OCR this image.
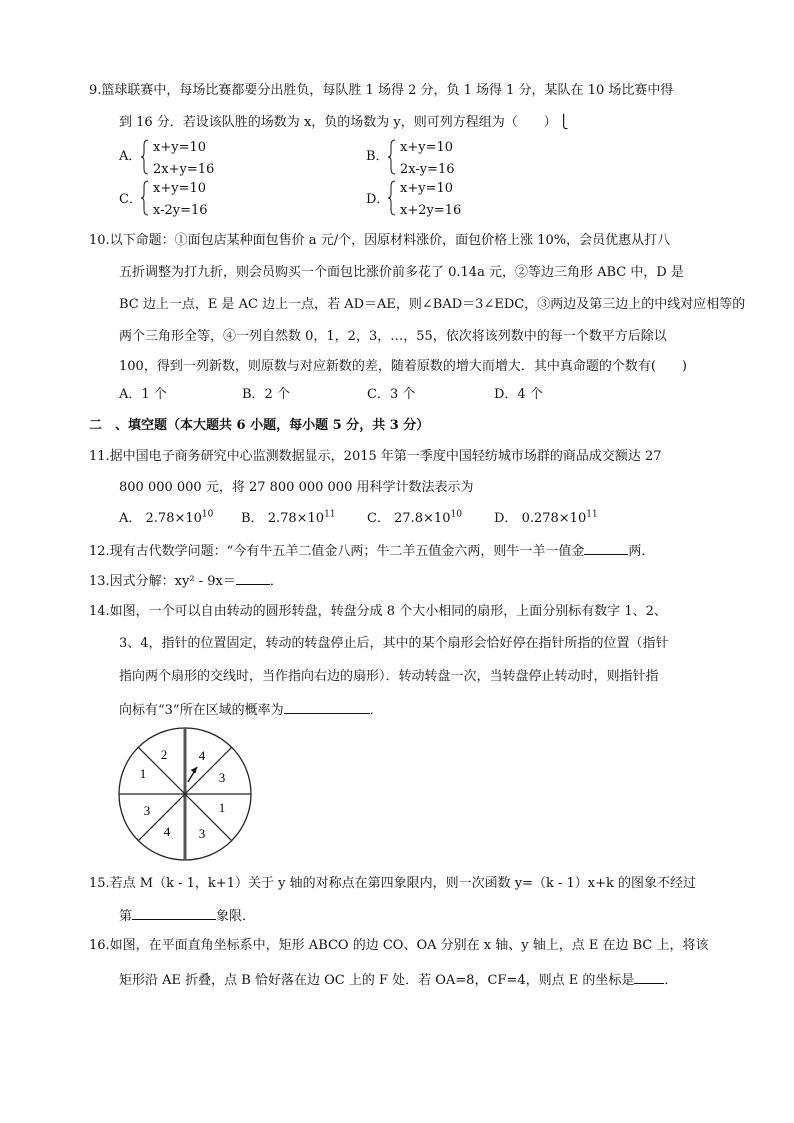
9.篮球联赛中，每场比赛都要分出胜负，每队胜 1 场得 2 分，负 1 场得 1 分，某队在 10 场比赛中得
到 16 分．若设该队胜的场数为 x，负的场数为 y，则可列方程组为（　　） ⎩
A．
x+y=10
2x+y=16
B．
x+y=10
2x-y=16
C．
x+y=10
x-2y=16
D．
x+y=10
x+2y=16
10.以下命题：①面包店某种面包售价 a 元/个，因原材料涨价，面包价格上涨 10%，会员优惠从打八
五折调整为打九折，则会员购买一个面包比涨价前多花了 0.14a 元，②等边三角形 ABC 中，D 是
BC 边上一点，E 是 AC 边上一点，若 AD＝AE，则∠BAD＝3∠EDC，③两边及第三边上的中线对应相等的
两个三角形全等，④一列自然数 0，1，2，3，…，55，依次将该列数中的每一个数平方后除以
100，得到一列新数，则原数与对应新数的差，随着原数的增大而增大．其中真命题的个数有(　　)
A．1 个	B．2 个	C．3 个	D．4 个
二　、填空题（本大题共 6 小题，每小题 5 分，共 3 分）
11.据中国电子商务研究中心监测数据显示，2015 年第一季度中国轻纺城市场群的商品成交额达 27
800 000 000 元，将 27 800 000 000 用科学计数法表示为
A． $2.78\times 10^{10}$ B． $2.78\times 10^{11}$ C． $27.8\times 10^{10}$ D． $0.278\times 10^{11}$
12.现有古代数学问题：“今有牛五羊二值金八两；牛二羊五值金六两，则牛一羊一值金	两．
13.因式分解：xy² - 9x＝	．
14.如图，一个可以自由转动的圆形转盘，转盘分成 8 个大小相同的扇形，上面分别标有数字 1、2、
3、4，指针的位置固定，转动的转盘停止后，其中的某个扇形会恰好停在指针所指的位置（指针
指向两个扇形的交线时，当作指向右边的扇形）．转动转盘一次，当转盘停止转动时，则指针指
向标有“3”所在区域的概率为	．
2 4
1	3
3	1
4 3
15.若点 M（k - 1，k+1）关于 y 轴的对称点在第四象限内，则一次函数 y=（k - 1）x+k 的图象不经过
第	象限．
16.如图，在平面直角坐标系中，矩形 ABCO 的边 CO、OA 分别在 x 轴、y 轴上，点 E 在边 BC 上，将该
矩形沿 AE 折叠，点 B 恰好落在边 OC 上的 F 处．若 OA=8，CF=4，则点 E 的坐标是 ．
